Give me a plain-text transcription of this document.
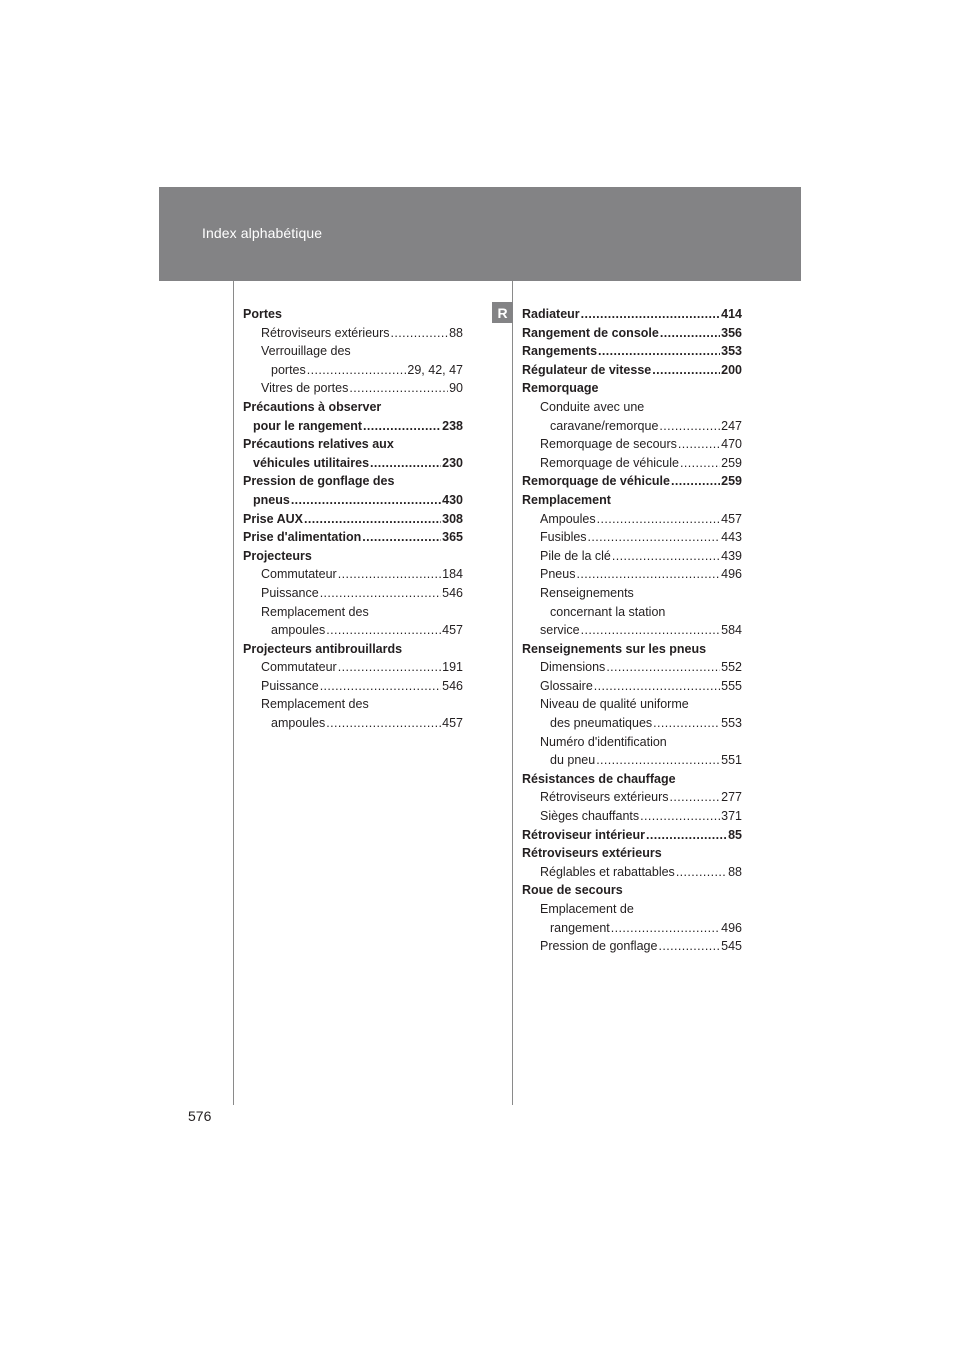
Index alphabétique
R
Portes
Rétroviseurs extérieurs .....	88
Verrouillage des
portes .....	29, 42, 47
Vitres de portes .....	90
Précautions à observer
pour le rangement .....	238
Précautions relatives aux
véhicules utilitaires .....	230
Pression de gonflage des
pneus .....	430
Prise AUX .....	308
Prise d'alimentation .....	365
Projecteurs
Commutateur .....	184
Puissance .....	546
Remplacement des
ampoules .....	457
Projecteurs antibrouillards
Commutateur .....	191
Puissance .....	546
Remplacement des
ampoules .....	457
Radiateur .....	414
Rangement de console .....	356
Rangements .....	353
Régulateur de vitesse .....	200
Remorquage
Conduite avec une
caravane/remorque .....	247
Remorquage de secours .....	470
Remorquage de véhicule .....	259
Remorquage de véhicule .....	259
Remplacement
Ampoules .....	457
Fusibles .....	443
Pile de la clé .....	439
Pneus .....	496
Renseignements
concernant la station
service .....	584
Renseignements sur les pneus
Dimensions .....	552
Glossaire .....	555
Niveau de qualité uniforme
des pneumatiques .....	553
Numéro d'identification
du pneu .....	551
Résistances de chauffage
Rétroviseurs extérieurs .....	277
Sièges chauffants .....	371
Rétroviseur intérieur .....	85
Rétroviseurs extérieurs
Réglables et rabattables .....	88
Roue de secours
Emplacement de
rangement .....	496
Pression de gonflage .....	545
576
